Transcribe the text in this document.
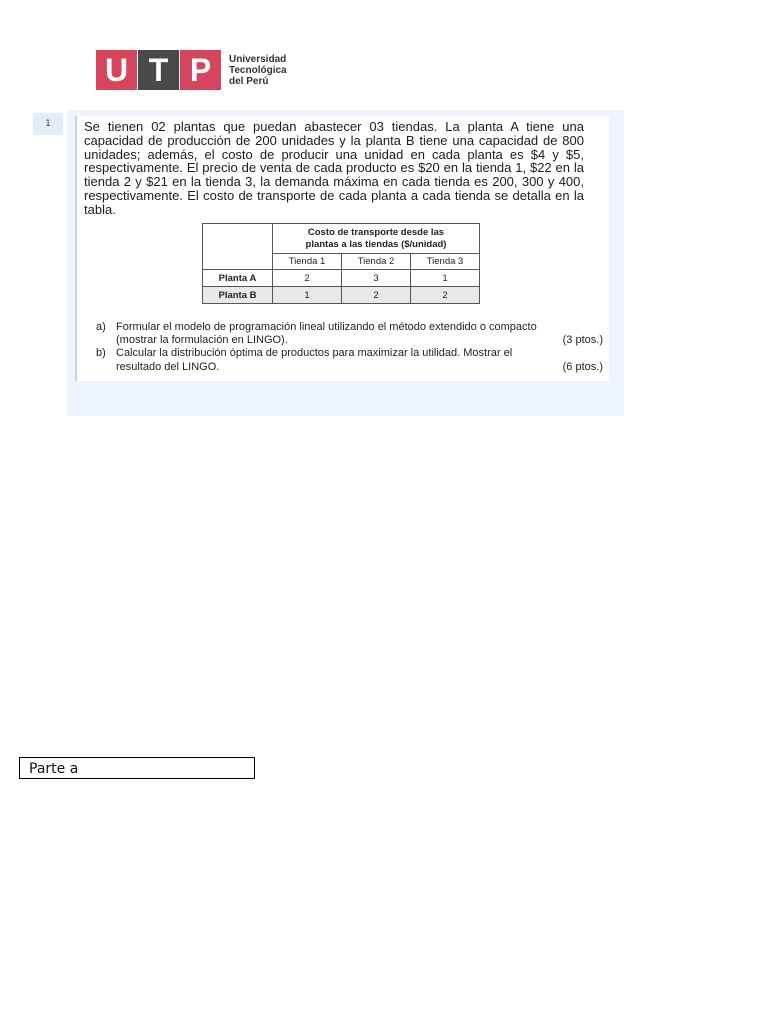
U T P	Universidad
Tecnológica
del Perú
1	Se tienen 02 plantas que puedan abastecer 03 tiendas. La planta A tiene una capacidad de producción de 200 unidades y la planta B tiene una capacidad de 800 unidades; además, el costo de producir una unidad en cada planta es $4 y $5, respectivamente. El precio de venta de cada producto es $20 en la tienda 1, $22 en la tienda 2 y $21 en la tienda 3, la demanda máxima en cada tienda es 200, 300 y 400, respectivamente. El costo de transporte de cada planta a cada tienda se detalla en la tabla.

	Costo de transporte desde las
plantas a las tiendas ($/unidad)		

	Tienda 1	Tienda 2	Tienda 3
Planta A	2	3	1
Planta B	1	2	2
a) Formular el modelo de programación lineal utilizando el método extendido o compacto
(mostrar la formulación en LINGO).	(3 ptos.)
b) Calcular la distribución óptima de productos para maximizar la utilidad. Mostrar el
resultado del LINGO.	(6 ptos.)
Parte a
